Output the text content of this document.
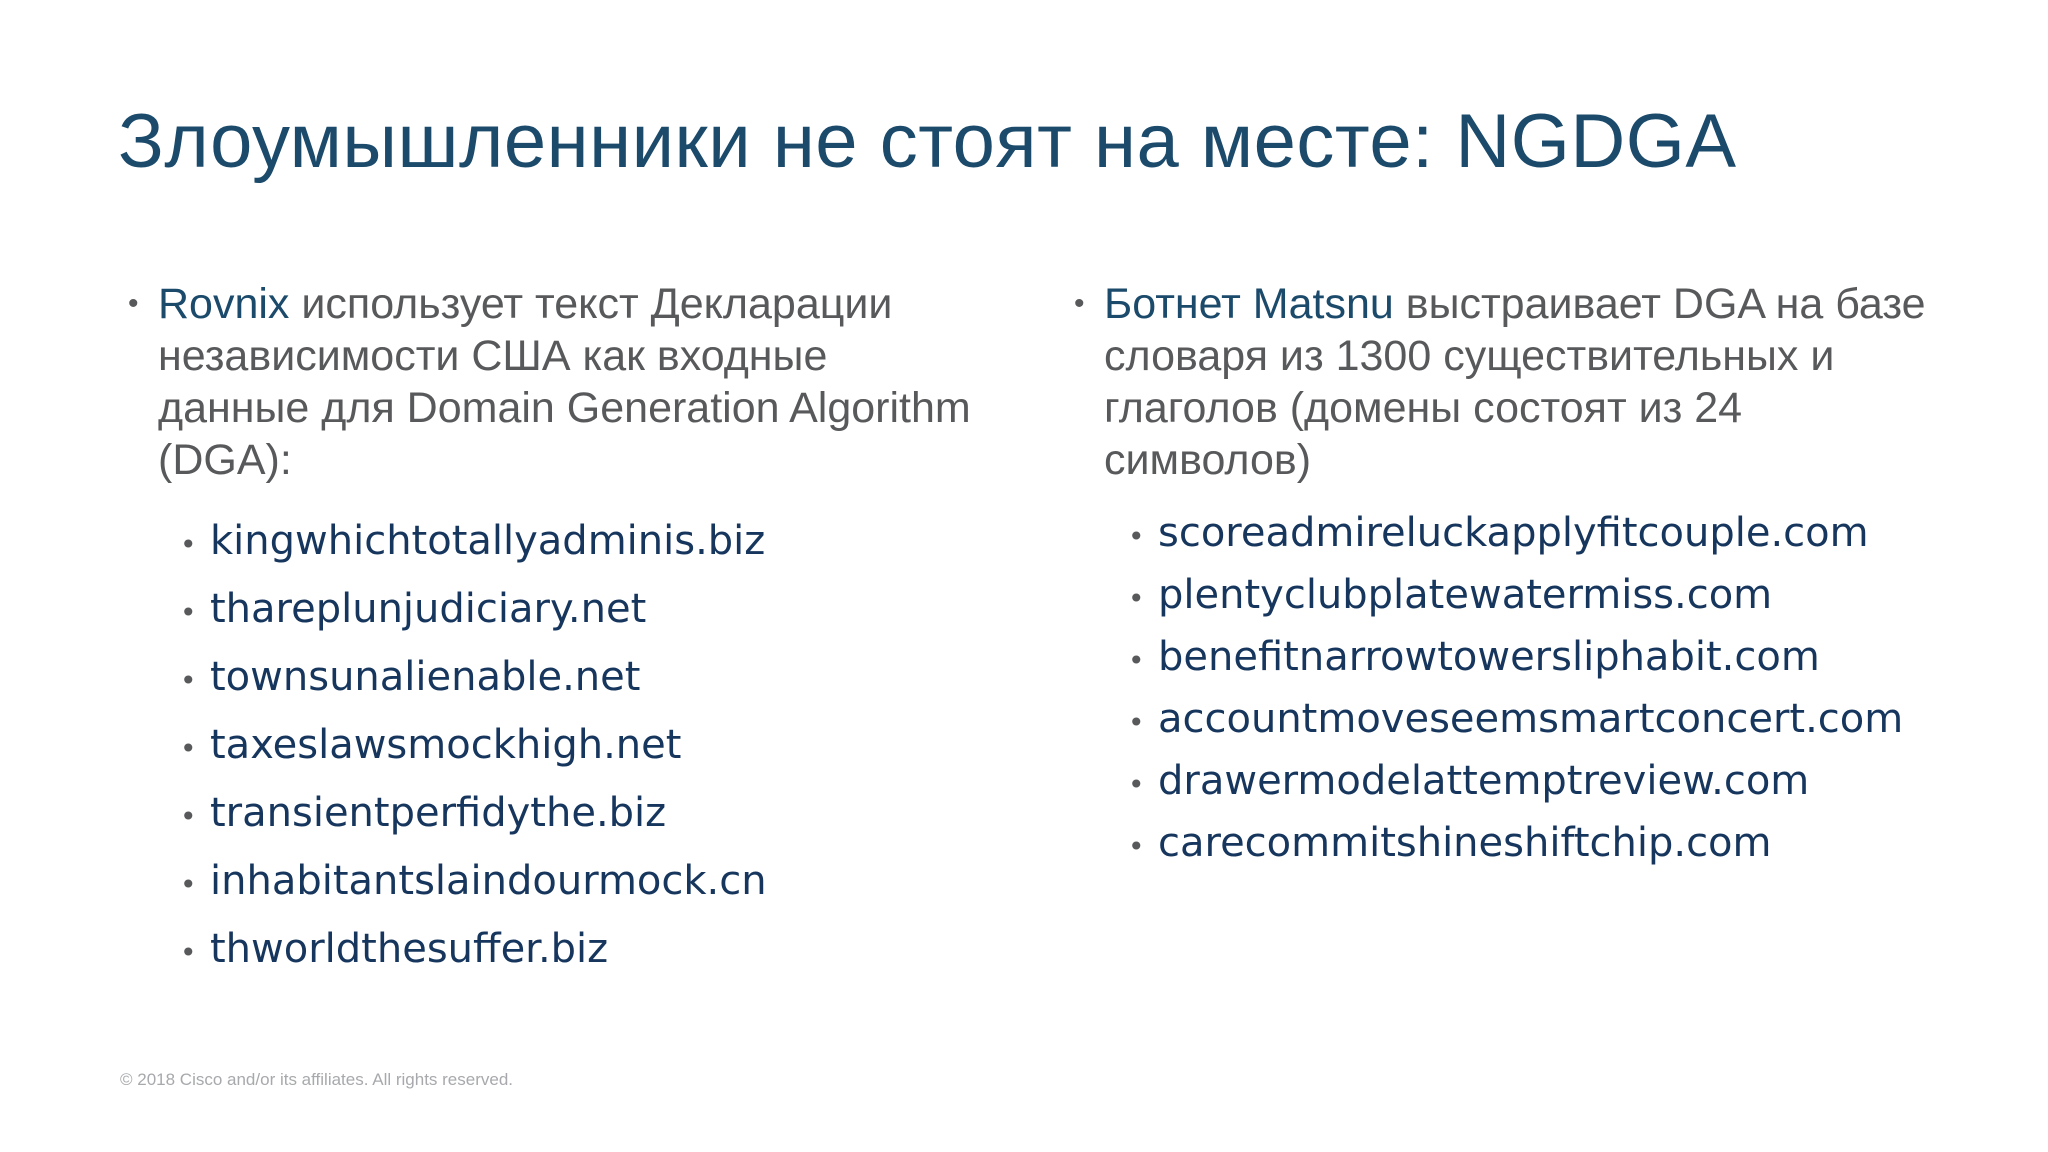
Злоумышленники не стоят на месте: NGDGA
• Rovnix использует текст Декларации независимости США как входные данные для Domain Generation Algorithm (DGA):
• kingwhichtotallyadminis.biz
• thareplunjudiciary.net
• townsunalienable.net
• taxeslawsmockhigh.net
• transientperfidythe.biz
• inhabitantslaindourmock.cn
• thworldthesuffer.biz
• Ботнет Matsnu выстраивает DGA на базе словаря из 1300 существительных и глаголов (домены состоят из 24 символов)
• scoreadmireluckapplyfitcouple.com
• plentyclubplatewatermiss.com
• benefitnarrowtowersliphabit.com
• accountmoveseemsmartconcert.com
• drawermodelattemptreview.com
• carecommitshineshiftchip.com
© 2018 Cisco and/or its affiliates. All rights reserved.
